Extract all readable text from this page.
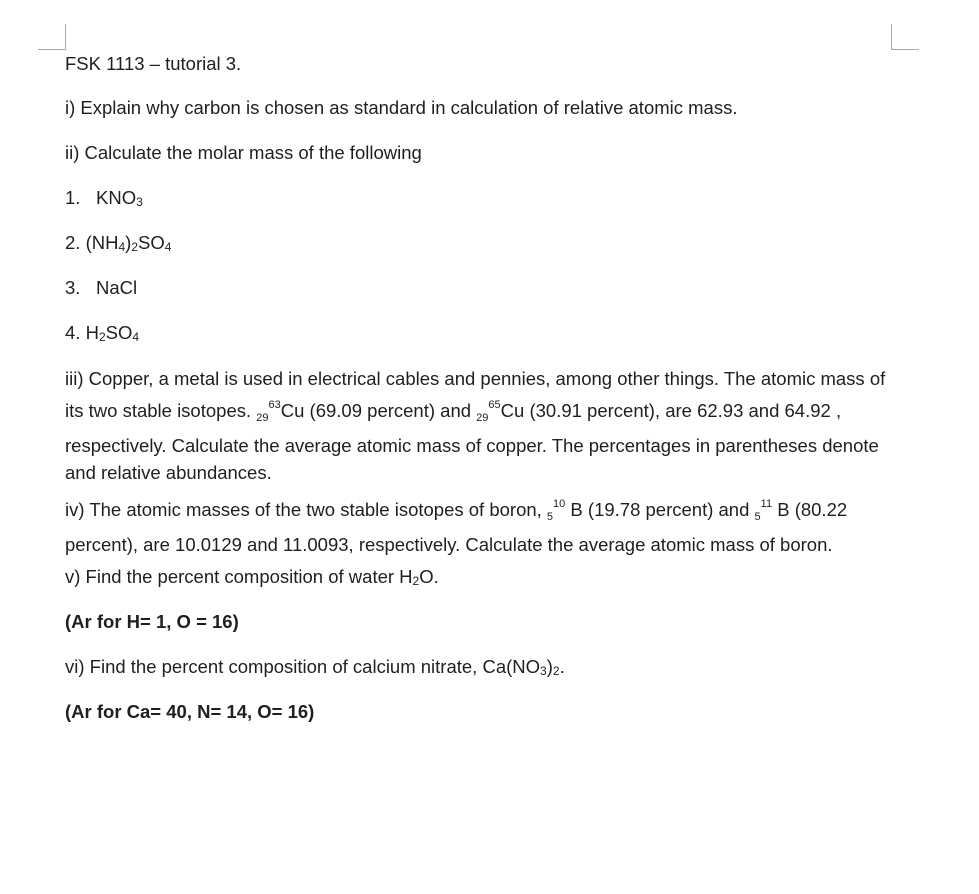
FSK 1113 – tutorial 3.

i) Explain why carbon is chosen as standard in calculation of relative atomic mass.

ii) Calculate the molar mass of the following

1. KNO3

2. (NH4)2SO4

3. NaCl

4. H2SO4

iii) Copper, a metal is used in electrical cables and pennies, among other things. The atomic mass of its two stable isotopes. $_{29}^{63}$Cu (69.09 percent) and $_{29}^{65}$Cu (30.91 percent), are 62.93 and 64.92 , respectively. Calculate the average atomic mass of copper. The percentages in parentheses denote and relative abundances.

iv) The atomic masses of the two stable isotopes of boron, $_5^{10}$ B (19.78 percent) and $_5^{11}$ B (80.22 percent), are 10.0129 and 11.0093, respectively. Calculate the average atomic mass of boron.

v) Find the percent composition of water H2O.

(Ar for H= 1, O = 16)

vi) Find the percent composition of calcium nitrate, Ca(NO3)2.

(Ar for Ca= 40, N= 14, O= 16)
